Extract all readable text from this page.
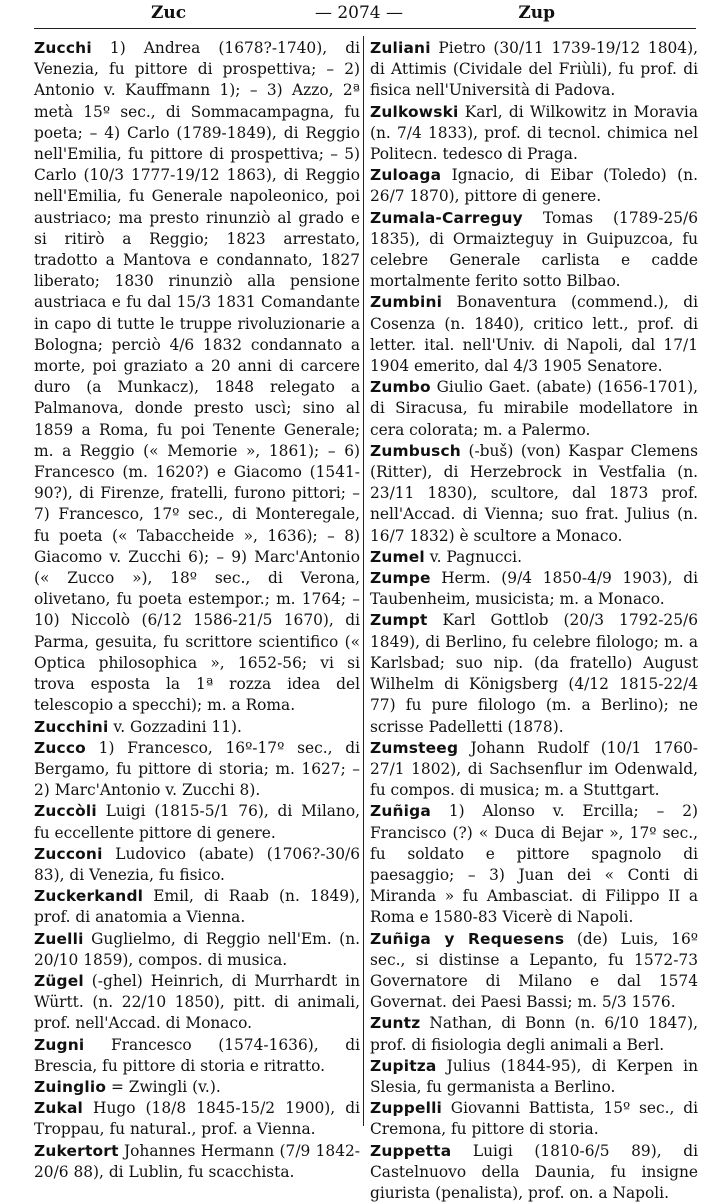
Zuc	— 2074 —	Zup

Zucchi 1) Andrea (1678?-1740), di Venezia, fu pittore di prospettiva; – 2) Antonio v. Kauffmann 1); – 3) Azzo, 2ª metà 15º sec., di Sommacampagna, fu poeta; – 4) Carlo (1789-1849), di Reggio nell'Emilia, fu pittore di prospettiva; – 5) Carlo (10/3 1777-19/12 1863), di Reggio nell'Emilia, fu Generale napoleonico, poi austriaco; ma presto rinunziò al grado e si ritirò a Reggio; 1823 arrestato, tradotto a Mantova e condannato, 1827 liberato; 1830 rinunziò alla pensione austriaca e fu dal 15/3 1831 Comandante in capo di tutte le truppe rivoluzionarie a Bologna; perciò 4/6 1832 condannato a morte, poi graziato a 20 anni di carcere duro (a Munkacz), 1848 relegato a Palmanova, donde presto uscì; sino al 1859 a Roma, fu poi Tenente Generale; m. a Reggio (« Memorie », 1861); – 6) Francesco (m. 1620?) e Giacomo (1541-90?), di Firenze, fratelli, furono pittori; – 7) Francesco, 17º sec., di Monteregale, fu poeta (« Tabaccheide », 1636); – 8) Giacomo v. Zucchi 6); – 9) Marc'Antonio (« Zucco »), 18º sec., di Verona, olivetano, fu poeta estempor.; m. 1764; – 10) Niccolò (6/12 1586-21/5 1670), di Parma, gesuita, fu scrittore scientifico (« Optica philosophica », 1652-56; vi si trova esposta la 1ª rozza idea del telescopio a specchi); m. a Roma.

Zucchini v. Gozzadini 11).

Zucco 1) Francesco, 16º-17º sec., di Bergamo, fu pittore di storia; m. 1627; – 2) Marc'Antonio v. Zucchi 8).

Zuccòli Luigi (1815-5/1 76), di Milano, fu eccellente pittore di genere.

Zucconi Ludovico (abate) (1706?-30/6 83), di Venezia, fu fisico.

Zuckerkandl Emil, di Raab (n. 1849), prof. di anatomia a Vienna.

Zuelli Guglielmo, di Reggio nell'Em. (n. 20/10 1859), compos. di musica.

Zügel (-ghel) Heinrich, di Murrhardt in Württ. (n. 22/10 1850), pitt. di animali, prof. nell'Accad. di Monaco.

Zugni Francesco (1574-1636), di Brescia, fu pittore di storia e ritratto.

Zuinglio = Zwingli (v.).

Zukal Hugo (18/8 1845-15/2 1900), di Troppau, fu natural., prof. a Vienna.

Zukertort Johannes Hermann (7/9 1842-20/6 88), di Lublin, fu scacchista.

Zuliani Pietro (30/11 1739-19/12 1804), di Attimis (Cividale del Friùli), fu prof. di fisica nell'Università di Padova.

Zulkowski Karl, di Wilkowitz in Moravia (n. 7/4 1833), prof. di tecnol. chimica nel Politecn. tedesco di Praga.

Zuloaga Ignacio, di Eibar (Toledo) (n. 26/7 1870), pittore di genere.

Zumala-Carreguy Tomas (1789-25/6 1835), di Ormaizteguy in Guipuzcoa, fu celebre Generale carlista e cadde mortalmente ferito sotto Bilbao.

Zumbini Bonaventura (commend.), di Cosenza (n. 1840), critico lett., prof. di letter. ital. nell'Univ. di Napoli, dal 17/1 1904 emerito, dal 4/3 1905 Senatore.

Zumbo Giulio Gaet. (abate) (1656-1701), di Siracusa, fu mirabile modellatore in cera colorata; m. a Palermo.

Zumbusch (-buš) (von) Kaspar Clemens (Ritter), di Herzebrock in Vestfalia (n. 23/11 1830), scultore, dal 1873 prof. nell'Accad. di Vienna; suo frat. Julius (n. 16/7 1832) è scultore a Monaco.

Zumel v. Pagnucci.

Zumpe Herm. (9/4 1850-4/9 1903), di Taubenheim, musicista; m. a Monaco.

Zumpt Karl Gottlob (20/3 1792-25/6 1849), di Berlino, fu celebre filologo; m. a Karlsbad; suo nip. (da fratello) August Wilhelm di Königsberg (4/12 1815-22/4 77) fu pure filologo (m. a Berlino); ne scrisse Padelletti (1878).

Zumsteeg Johann Rudolf (10/1 1760-27/1 1802), di Sachsenflur im Odenwald, fu compos. di musica; m. a Stuttgart.

Zuñiga 1) Alonso v. Ercilla; – 2) Francisco (?) « Duca di Bejar », 17º sec., fu soldato e pittore spagnolo di paesaggio; – 3) Juan dei « Conti di Miranda » fu Ambasciat. di Filippo II a Roma e 1580-83 Vicerè di Napoli.

Zuñiga y Requesens (de) Luis, 16º sec., si distinse a Lepanto, fu 1572-73 Governatore di Milano e dal 1574 Governat. dei Paesi Bassi; m. 5/3 1576.

Zuntz Nathan, di Bonn (n. 6/10 1847), prof. di fisiologia degli animali a Berl.

Zupitza Julius (1844-95), di Kerpen in Slesia, fu germanista a Berlino.

Zuppelli Giovanni Battista, 15º sec., di Cremona, fu pittore di storia.

Zuppetta Luigi (1810-6/5 89), di Castelnuovo della Daunia, fu insigne giurista (penalista), prof. on. a Napoli.
